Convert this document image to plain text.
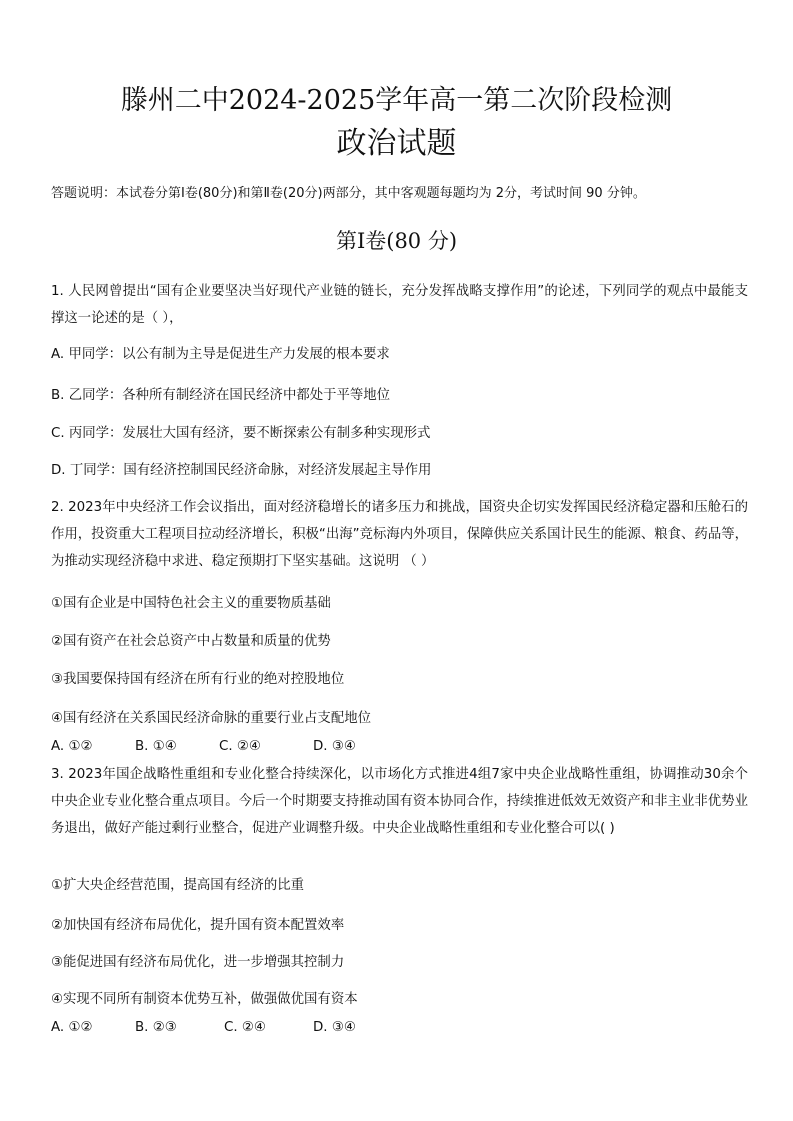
滕州二中2024-2025学年高一第二次阶段检测
政治试题
答题说明：本试卷分第Ⅰ卷(80分)和第Ⅱ卷(20分)两部分，其中客观题每题均为 2分，考试时间 90 分钟。
第Ⅰ卷(80 分)
1. 人民网曾提出“国有企业要坚决当好现代产业链的链长，充分发挥战略支撑作用”的论述，下列同学的观点中最能支撑这一论述的是（ ），
A. 甲同学：以公有制为主导是促进生产力发展的根本要求
B. 乙同学：各种所有制经济在国民经济中都处于平等地位
C. 丙同学：发展壮大国有经济，要不断探索公有制多种实现形式
D. 丁同学：国有经济控制国民经济命脉，对经济发展起主导作用
2. 2023年中央经济工作会议指出，面对经济稳增长的诸多压力和挑战，国资央企切实发挥国民经济稳定器和压舱石的作用，投资重大工程项目拉动经济增长，积极“出海”竞标海内外项目，保障供应关系国计民生的能源、粮食、药品等，为推动实现经济稳中求进、稳定预期打下坚实基础。这说明 （ ）
①国有企业是中国特色社会主义的重要物质基础
②国有资产在社会总资产中占数量和质量的优势
③我国要保持国有经济在所有行业的绝对控股地位
④国有经济在关系国民经济命脉的重要行业占支配地位
A. ①②	B. ①④	C. ②④	D. ③④
3. 2023年国企战略性重组和专业化整合持续深化，以市场化方式推进4组7家中央企业战略性重组，协调推动30余个中央企业专业化整合重点项目。今后一个时期要支持推动国有资本协同合作，持续推进低效无效资产和非主业非优势业务退出，做好产能过剩行业整合，促进产业调整升级。中央企业战略性重组和专业化整合可以( )
①扩大央企经营范围，提高国有经济的比重
②加快国有经济布局优化，提升国有资本配置效率
③能促进国有经济布局优化，进一步增强其控制力
④实现不同所有制资本优势互补，做强做优国有资本
A. ①②	B. ②③	C. ②④	D. ③④
